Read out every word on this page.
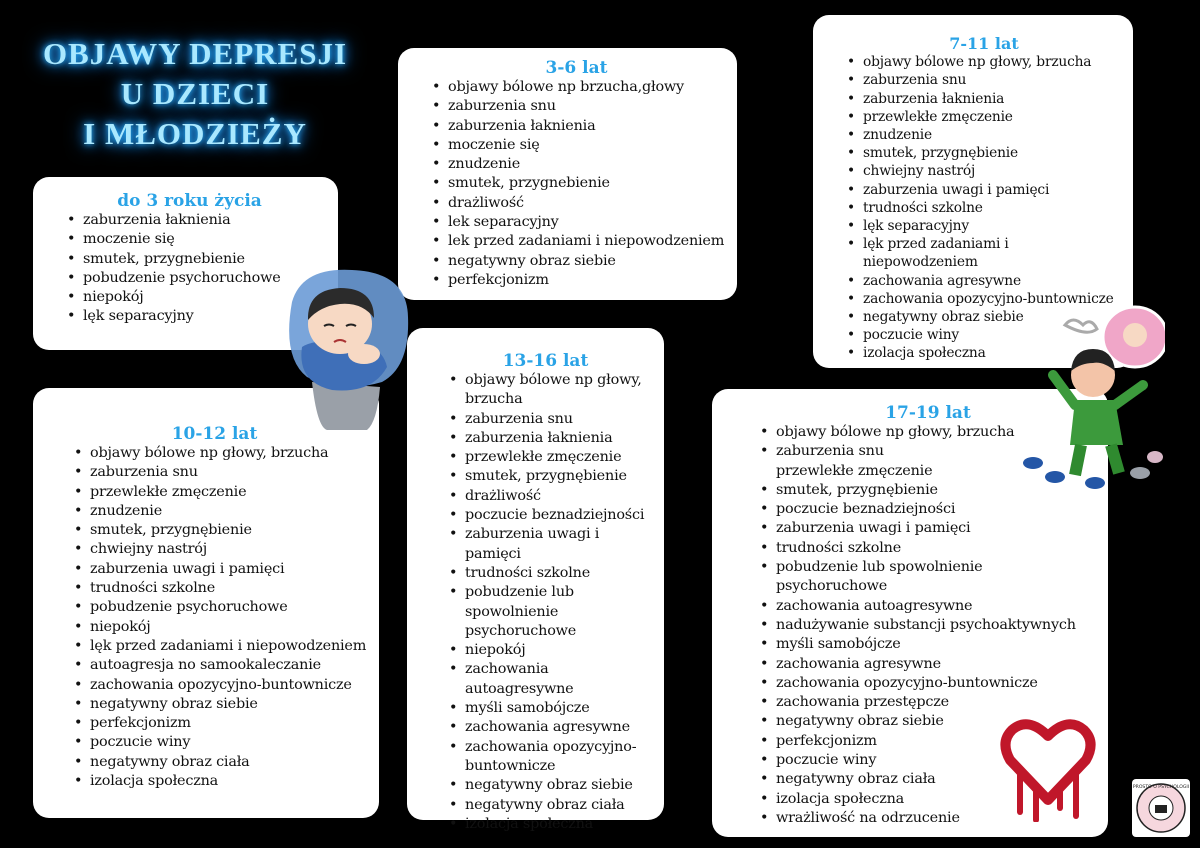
OBJAWY DEPRESJI
U DZIECI
I MŁODZIEŻY
do 3 roku życia
• zaburzenia łaknienia
• moczenie się
• smutek, przygnebienie
• pobudzenie psychoruchowe
• niepokój
• lęk separacyjny
3-6 lat
• objawy bólowe np brzucha,głowy
• zaburzenia snu
• zaburzenia łaknienia
• moczenie się
• znudzenie
• smutek, przygnebienie
• drażliwość
• lek separacyjny
• lek przed zadaniami i niepowodzeniem
• negatywny obraz siebie
• perfekcjonizm
7-11 lat
• objawy bólowe np głowy, brzucha
• zaburzenia snu
• zaburzenia łaknienia
• przewlekłe zmęczenie
• znudzenie
• smutek, przygnębienie
• chwiejny nastrój
• zaburzenia uwagi i pamięci
• trudności szkolne
• lęk separacyjny
• lęk przed zadaniami i niepowodzeniem
• zachowania agresywne
• zachowania opozycyjno-buntownicze
• negatywny obraz siebie
• poczucie winy
• izolacja społeczna
10-12 lat
• objawy bólowe np głowy, brzucha
• zaburzenia snu
• przewlekłe zmęczenie
• znudzenie
• smutek, przygnębienie
• chwiejny nastrój
• zaburzenia uwagi i pamięci
• trudności szkolne
• pobudzenie psychoruchowe
• niepokój
• lęk przed zadaniami i niepowodzeniem
• autoagresja no samookaleczanie
• zachowania opozycyjno-buntownicze
• negatywny obraz siebie
• perfekcjonizm
• poczucie winy
• negatywny obraz ciała
• izolacja społeczna
13-16 lat
• objawy bólowe np głowy,
brzucha
• zaburzenia snu
• zaburzenia łaknienia
• przewlekłe zmęczenie
• smutek, przygnębienie
• drażliwość
• poczucie beznadziejności
• zaburzenia uwagi i pamięci
• trudności szkolne
• pobudzenie lub
spowolnienie
psychoruchowe
• niepokój
• zachowania autoagresywne
• myśli samobójcze
• zachowania agresywne
• zachowania opozycyjno-
buntownicze
• negatywny obraz siebie
• negatywny obraz ciała
• izolacja społeczna
17-19 lat
• objawy bólowe np głowy, brzucha
• zaburzenia snu
przewlekłe zmęczenie
• smutek, przygnębienie
• poczucie beznadziejności
• zaburzenia uwagi i pamięci
• trudności szkolne
• pobudzenie lub spowolnienie
psychoruchowe
• zachowania autoagresywne
• nadużywanie substancji psychoaktywnych
• myśli samobójcze
• zachowania agresywne
• zachowania opozycyjno-buntownicze
• zachowania przestępcze
• negatywny obraz siebie
• perfekcjonizm
• poczucie winy
• negatywny obraz ciała
• izolacja społeczna
• wrażliwość na odrzucenie
PROSTO O PSYCHOLOGII
